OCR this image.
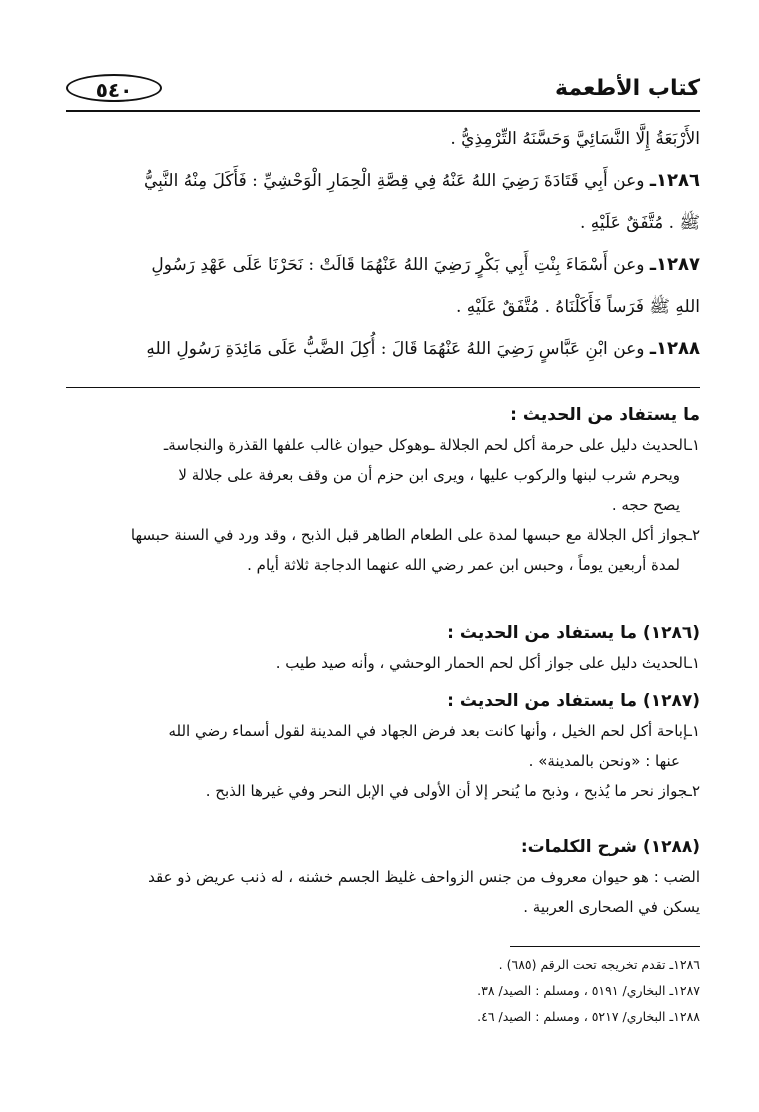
كتاب الأطعمة
٥٤٠
الأَرْبَعَةُ إِلَّا النَّسَائِيَّ وَحَسَّنَهُ التِّرْمِذِيُّ .
١٢٨٦ـ وعن أَبِي قَتَادَةَ رَضِيَ اللهُ عَنْهُ فِي قِصَّةِ الْحِمَارِ الْوَحْشِيِّ : فَأَكَلَ مِنْهُ النَّبِيُّ
ﷺ . مُتَّفَقٌ عَلَيْهِ .
١٢٨٧ـ وعن أَسْمَاءَ بِنْتِ أَبِي بَكْرٍ رَضِيَ اللهُ عَنْهُمَا قَالَتْ : نَحَرْنَا عَلَى عَهْدِ رَسُولِ
اللهِ ﷺ فَرَساً فَأَكَلْنَاهُ . مُتَّفَقٌ عَلَيْهِ .
١٢٨٨ـ وعن ابْنِ عَبَّاسٍ رَضِيَ اللهُ عَنْهُمَا قَالَ : أُكِلَ الضَّبُّ عَلَى مَائِدَةِ رَسُولِ اللهِ
ما يستفاد من الحديث :
١ـالحديث دليل على حرمة أكل لحم الجلالة ـوهوكل حيوان غالب علفها القذرة والنجاسةـ
ويحرم شرب لبنها والركوب عليها ، ويرى ابن حزم أن من وقف بعرفة على جلالة لا
يصح حجه .
٢ـجواز أكل الجلالة مع حبسها لمدة على الطعام الطاهر قبل الذبح ، وقد ورد في السنة حبسها
لمدة أربعين يوماً ، وحبس ابن عمر رضي الله عنهما الدجاجة ثلاثة أيام .
(١٢٨٦) ما يستفاد من الحديث :
١ـالحديث دليل على جواز أكل لحم الحمار الوحشي ، وأنه صيد طيب .
(١٢٨٧) ما يستفاد من الحديث :
١ـإباحة أكل لحم الخيل ، وأنها كانت بعد فرض الجهاد في المدينة لقول أسماء رضي الله
عنها : «ونحن بالمدينة» .
٢ـجواز نحر ما يُذبح ، وذبح ما يُنحر إلا أن الأولى في الإبل النحر وفي غيرها الذبح .
(١٢٨٨) شرح الكلمات:
الضب : هو حيوان معروف من جنس الزواحف غليظ الجسم خشنه ، له ذنب عريض ذو عقد
يسكن في الصحارى العربية .
١٢٨٦ـ تقدم تخريجه تحت الرقم (٦٨٥) .
١٢٨٧ـ البخاري/ ٥١٩١ ، ومسلم : الصيد/ ٣٨.
١٢٨٨ـ البخاري/ ٥٢١٧ ، ومسلم : الصيد/ ٤٦.
